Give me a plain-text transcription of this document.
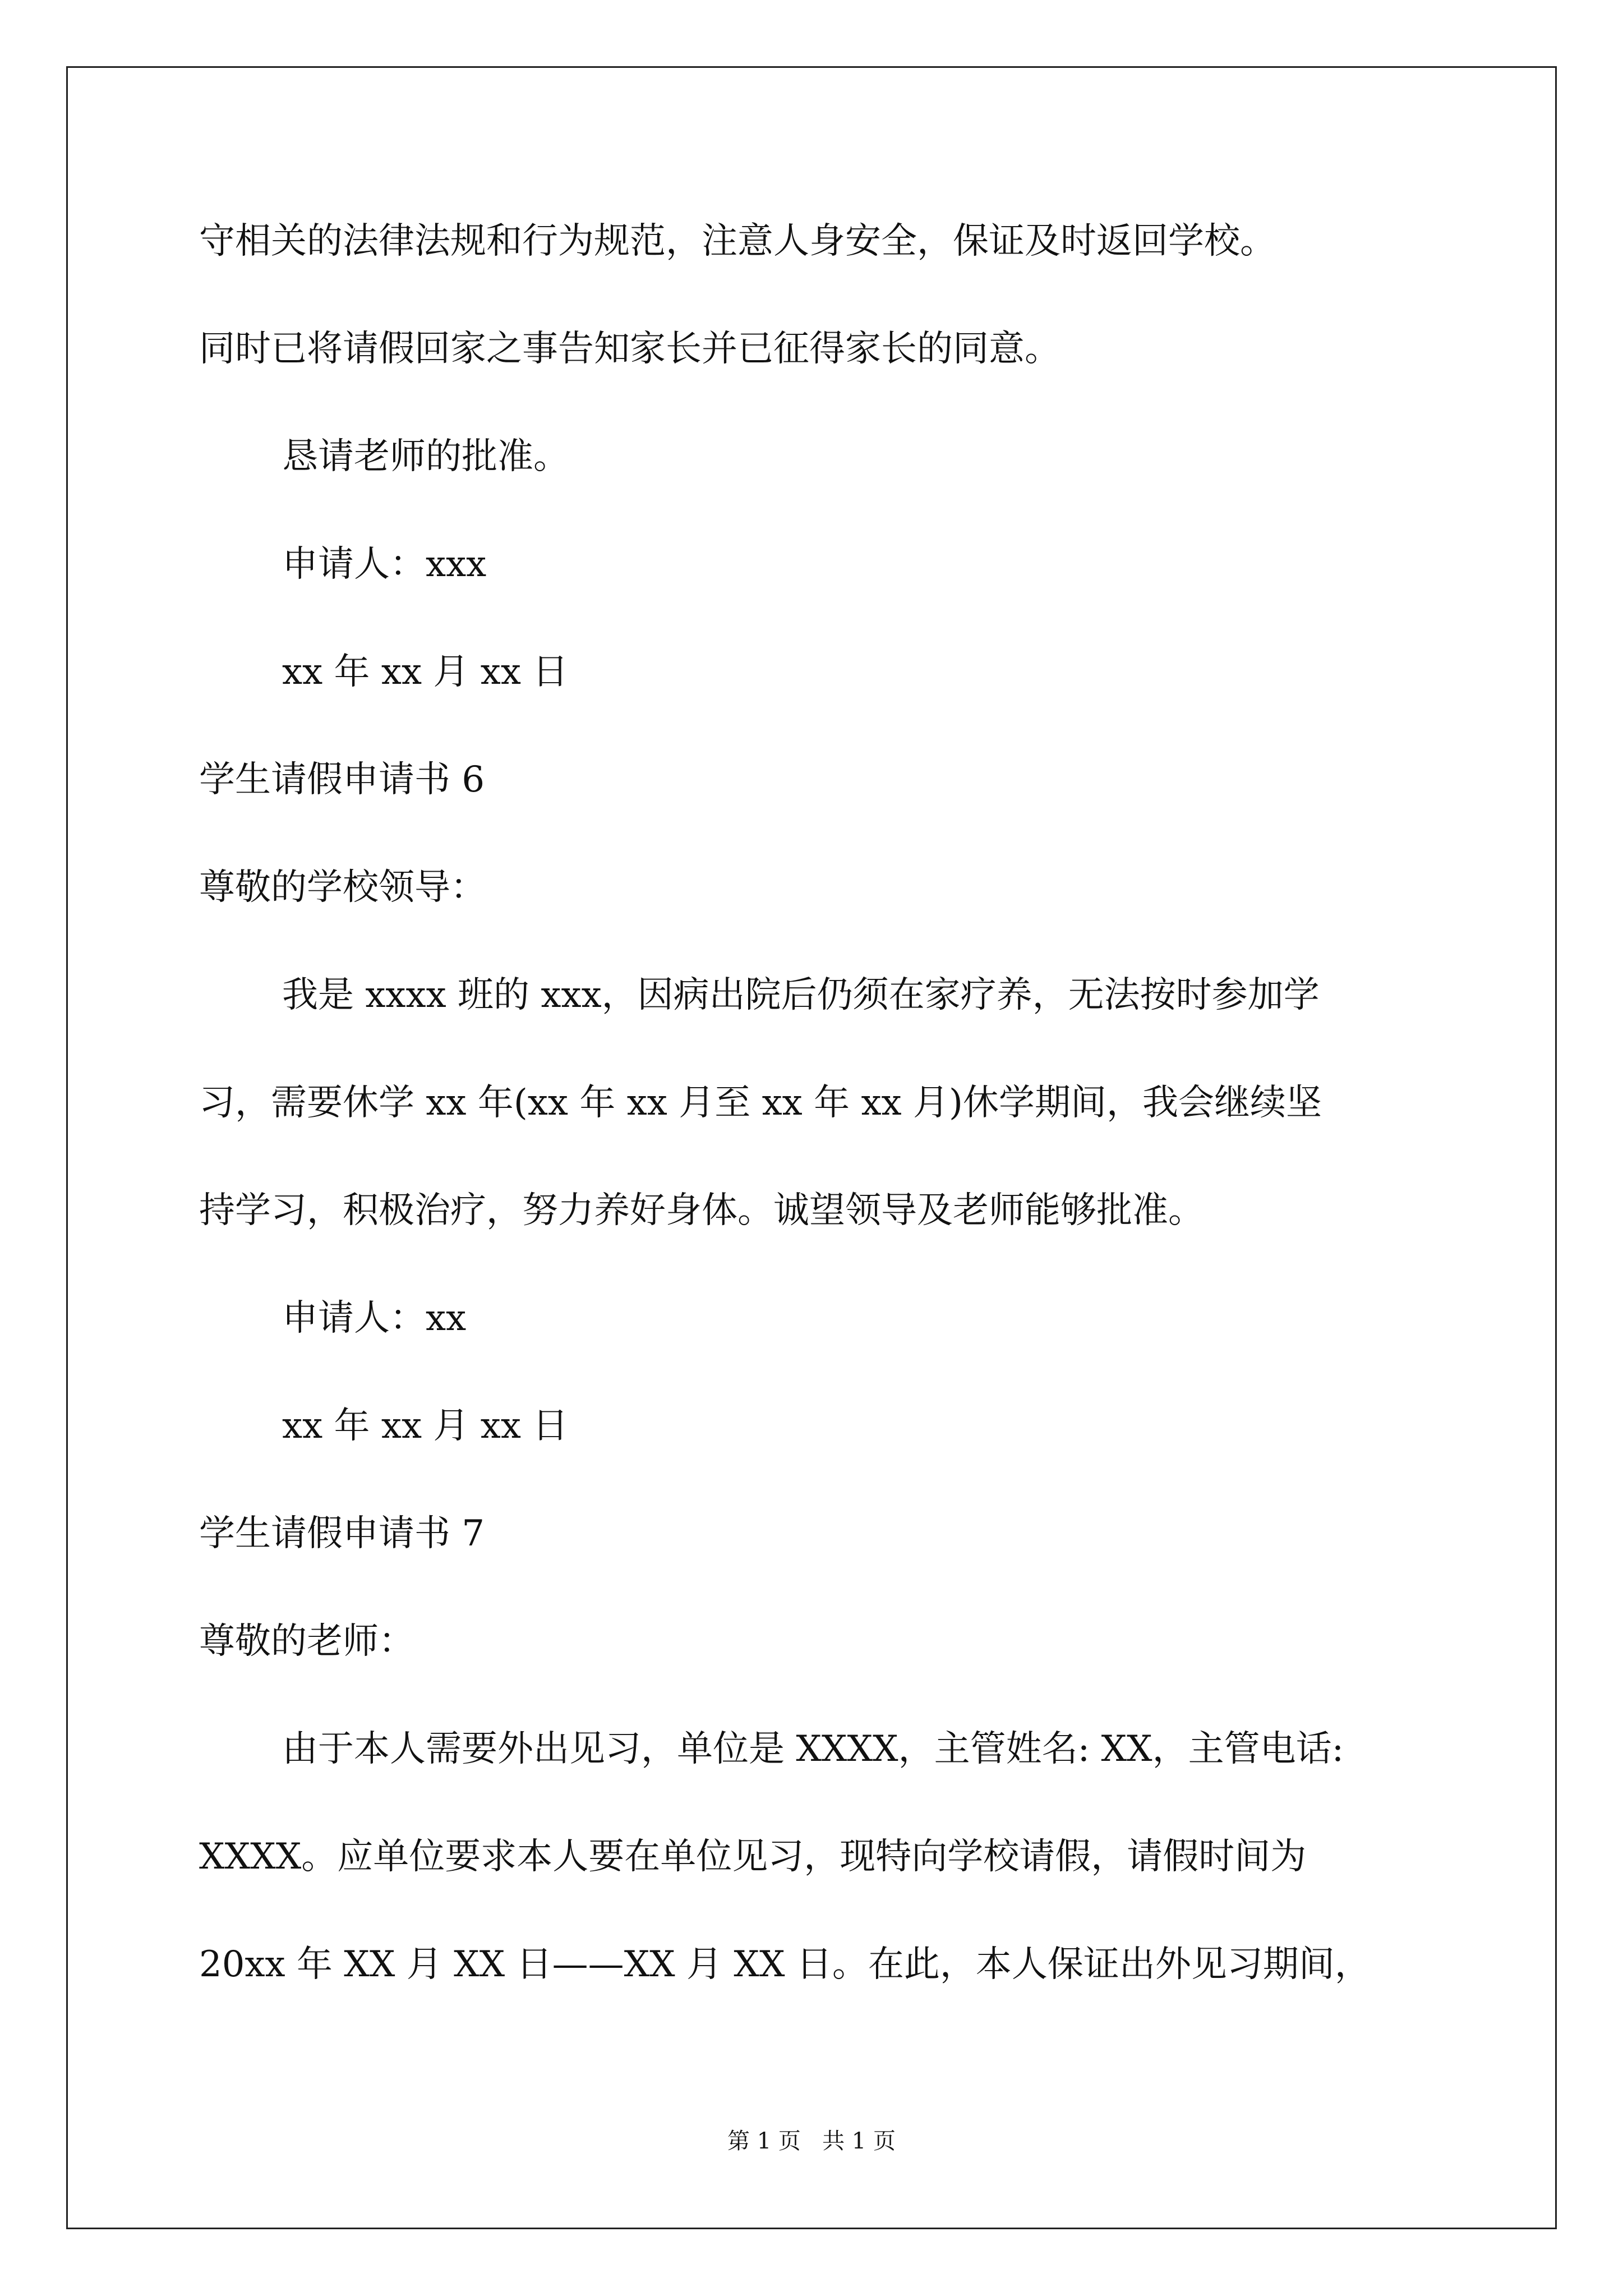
守相关的法律法规和行为规范，注意人身安全，保证及时返回学校。

同时已将请假回家之事告知家长并已征得家长的同意。

恳请老师的批准。

申请人：xxx

xx 年 xx 月 xx 日

学生请假申请书 6

尊敬的学校领导：

我是 xxxx 班的 xxx，因病出院后仍须在家疗养，无法按时参加学

习，需要休学 xx 年(xx 年 xx 月至 xx 年 xx 月)休学期间，我会继续坚

持学习，积极治疗，努力养好身体。诚望领导及老师能够批准。

申请人：xx

xx 年 xx 月 xx 日

学生请假申请书 7

尊敬的老师：

由于本人需要外出见习，单位是 XXXX，主管姓名: XX，主管电话:

XXXX。应单位要求本人要在单位见习，现特向学校请假，请假时间为

20xx 年 XX 月 XX 日——XX 月 XX 日。在此，本人保证出外见习期间，

第 1 页   共 1 页
